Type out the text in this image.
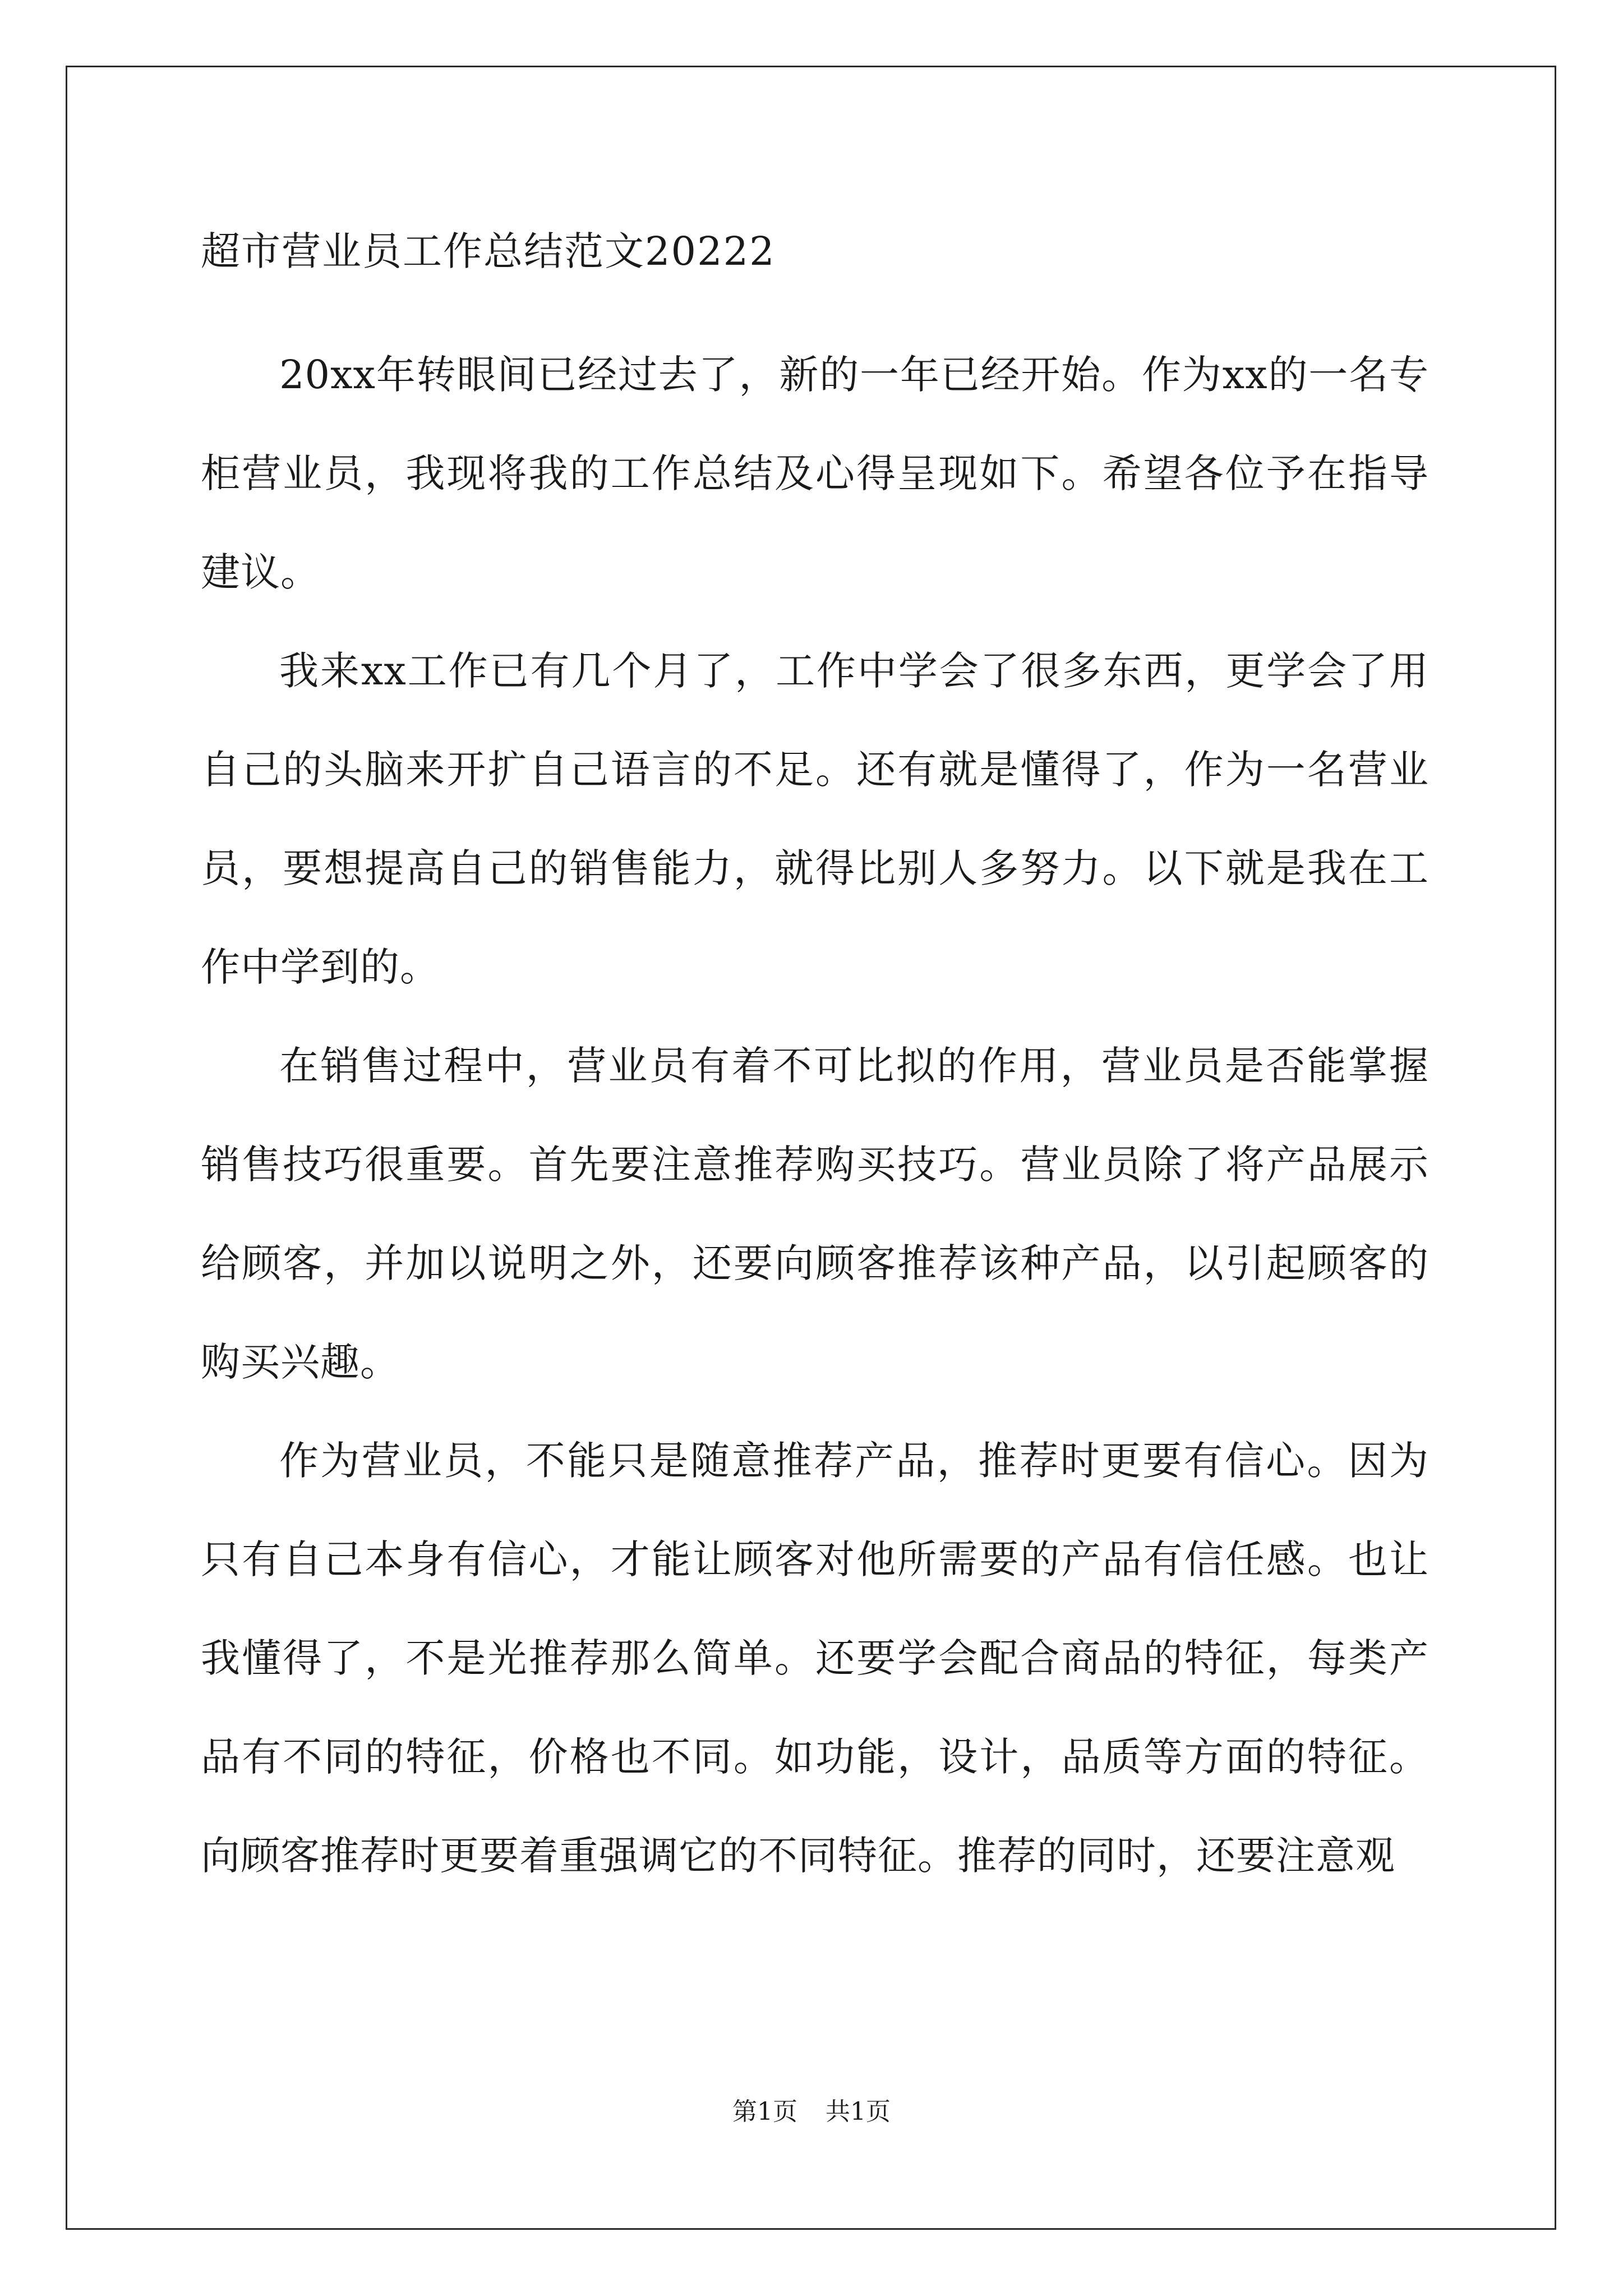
超市营业员工作总结范文20222

20xx年转眼间已经过去了，新的一年已经开始。作为xx的一名专柜营业员，我现将我的工作总结及心得呈现如下。希望各位予在指导建议。

我来xx工作已有几个月了，工作中学会了很多东西，更学会了用自己的头脑来开扩自己语言的不足。还有就是懂得了，作为一名营业员，要想提高自己的销售能力，就得比别人多努力。以下就是我在工作中学到的。

在销售过程中，营业员有着不可比拟的作用，营业员是否能掌握销售技巧很重要。首先要注意推荐购买技巧。营业员除了将产品展示给顾客，并加以说明之外，还要向顾客推荐该种产品，以引起顾客的购买兴趣。

作为营业员，不能只是随意推荐产品，推荐时更要有信心。因为只有自己本身有信心，才能让顾客对他所需要的产品有信任感。也让我懂得了，不是光推荐那么简单。还要学会配合商品的特征，每类产品有不同的特征，价格也不同。如功能，设计，品质等方面的特征。向顾客推荐时更要着重强调它的不同特征。推荐的同时，还要注意观

第1页 共1页
